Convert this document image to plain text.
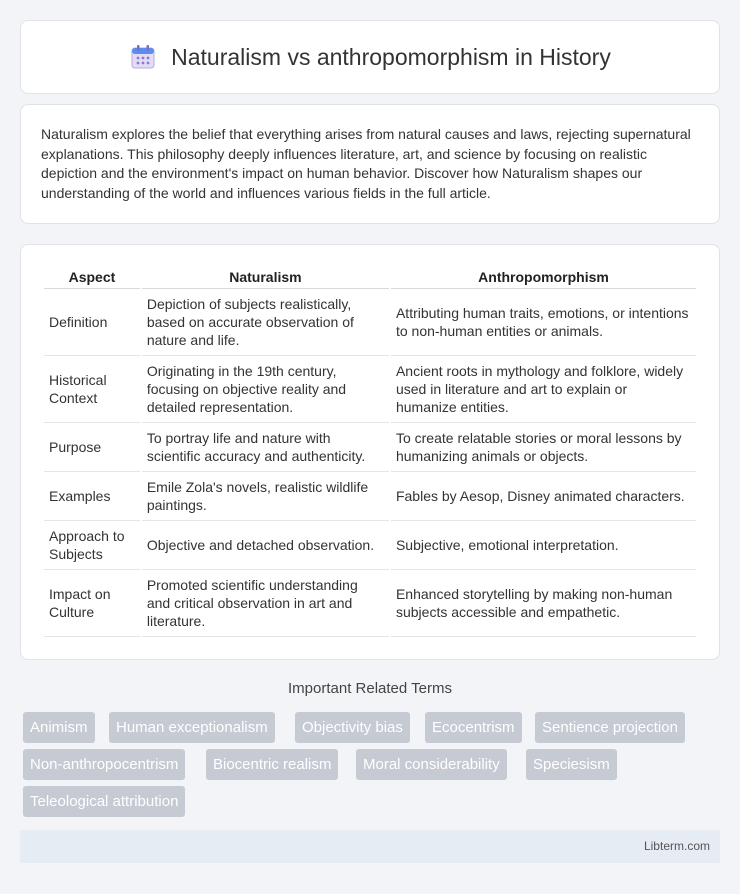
Naturalism vs anthropomorphism in History

Naturalism explores the belief that everything arises from natural causes and laws, rejecting supernatural explanations. This philosophy deeply influences literature, art, and science by focusing on realistic depiction and the environment's impact on human behavior. Discover how Naturalism shapes our understanding of the world and influences various fields in the full article.

Aspect	Naturalism	Anthropomorphism
Definition	Depiction of subjects realistically, based on accurate observation of nature and life.	Attributing human traits, emotions, or intentions to non-human entities or animals.
Historical Context	Originating in the 19th century, focusing on objective reality and detailed representation.	Ancient roots in mythology and folklore, widely used in literature and art to explain or humanize entities.
Purpose	To portray life and nature with scientific accuracy and authenticity.	To create relatable stories or moral lessons by humanizing animals or objects.
Examples	Emile Zola's novels, realistic wildlife paintings.	Fables by Aesop, Disney animated characters.
Approach to Subjects	Objective and detached observation.	Subjective, emotional interpretation.
Impact on Culture	Promoted scientific understanding and critical observation in art and literature.	Enhanced storytelling by making non-human subjects accessible and empathetic.
Important Related Terms
Animism	Human exceptionalism	Objectivity bias	Ecocentrism	Sentience projection
Non-anthropocentrism	Biocentric realism	Moral considerability	Speciesism
Teleological attribution
Libterm.com
